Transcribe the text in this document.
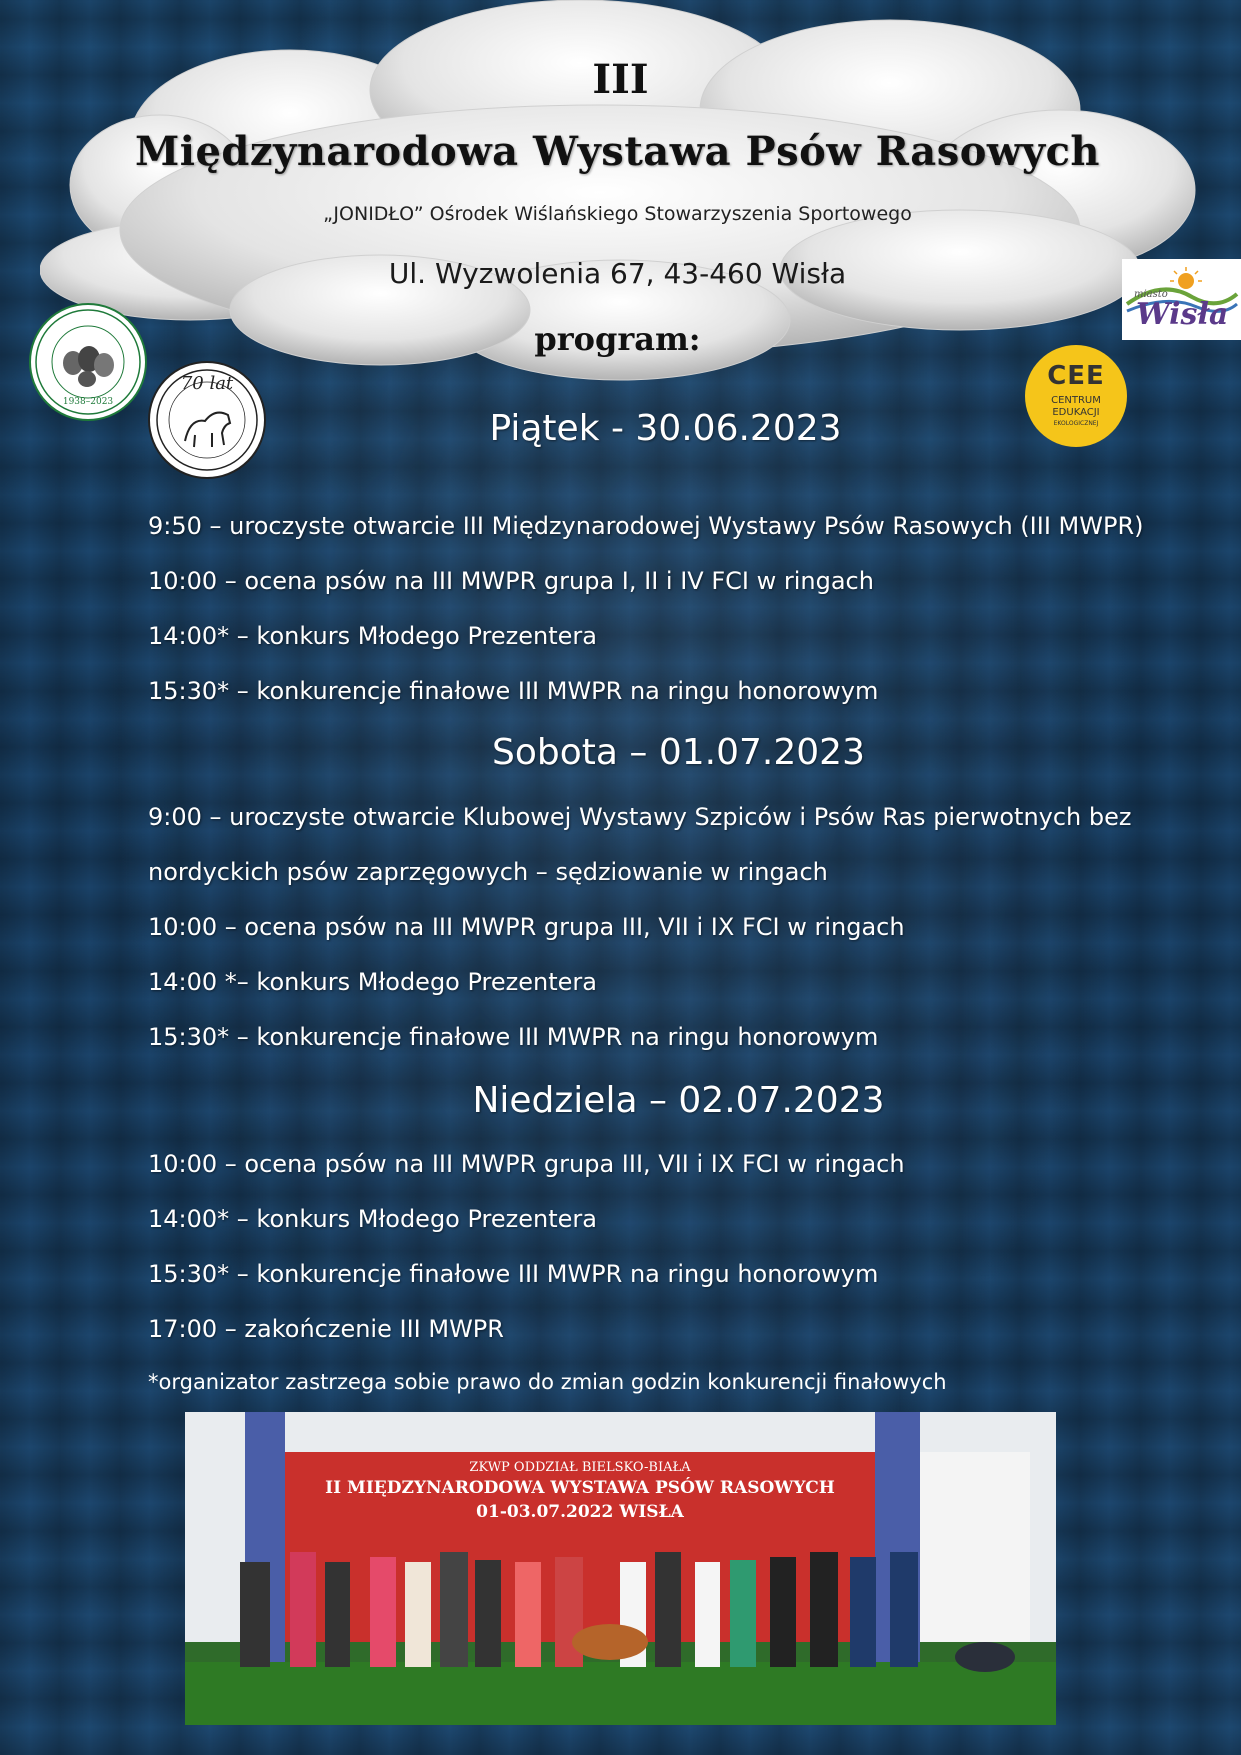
III
Międzynarodowa Wystawa Psów Rasowych
„JONIDŁO” Ośrodek Wiślańskiego Stowarzyszenia Sportowego
Ul. Wyzwolenia 67, 43-460 Wisła
program:
1938–2023
70 lat	CEE
CENTRUM
EDUKACJI
EKOLOGICZNEJ
miasto
Wisła
Piątek - 30.06.2023
9:50 – uroczyste otwarcie III Międzynarodowej Wystawy Psów Rasowych (III MWPR)
10:00 – ocena psów na III MWPR grupa I, II i IV FCI w ringach
14:00* – konkurs Młodego Prezentera
15:30* – konkurencje finałowe III MWPR na ringu honorowym
Sobota – 01.07.2023
9:00 – uroczyste otwarcie Klubowej Wystawy Szpiców i Psów Ras pierwotnych bez
nordyckich psów zaprzęgowych – sędziowanie w ringach
10:00 – ocena psów na III MWPR grupa III, VII i IX FCI w ringach
14:00 *– konkurs Młodego Prezentera
15:30* – konkurencje finałowe III MWPR na ringu honorowym
Niedziela – 02.07.2023
10:00 – ocena psów na III MWPR grupa III, VII i IX FCI w ringach
14:00* – konkurs Młodego Prezentera
15:30* – konkurencje finałowe III MWPR na ringu honorowym
17:00 – zakończenie III MWPR
*organizator zastrzega sobie prawo do zmian godzin konkurencji finałowych
ZKWP ODDZIAŁ BIELSKO-BIAŁA
II MIĘDZYNARODOWA WYSTAWA PSÓW RASOWYCH
01-03.07.2022 WISŁA
